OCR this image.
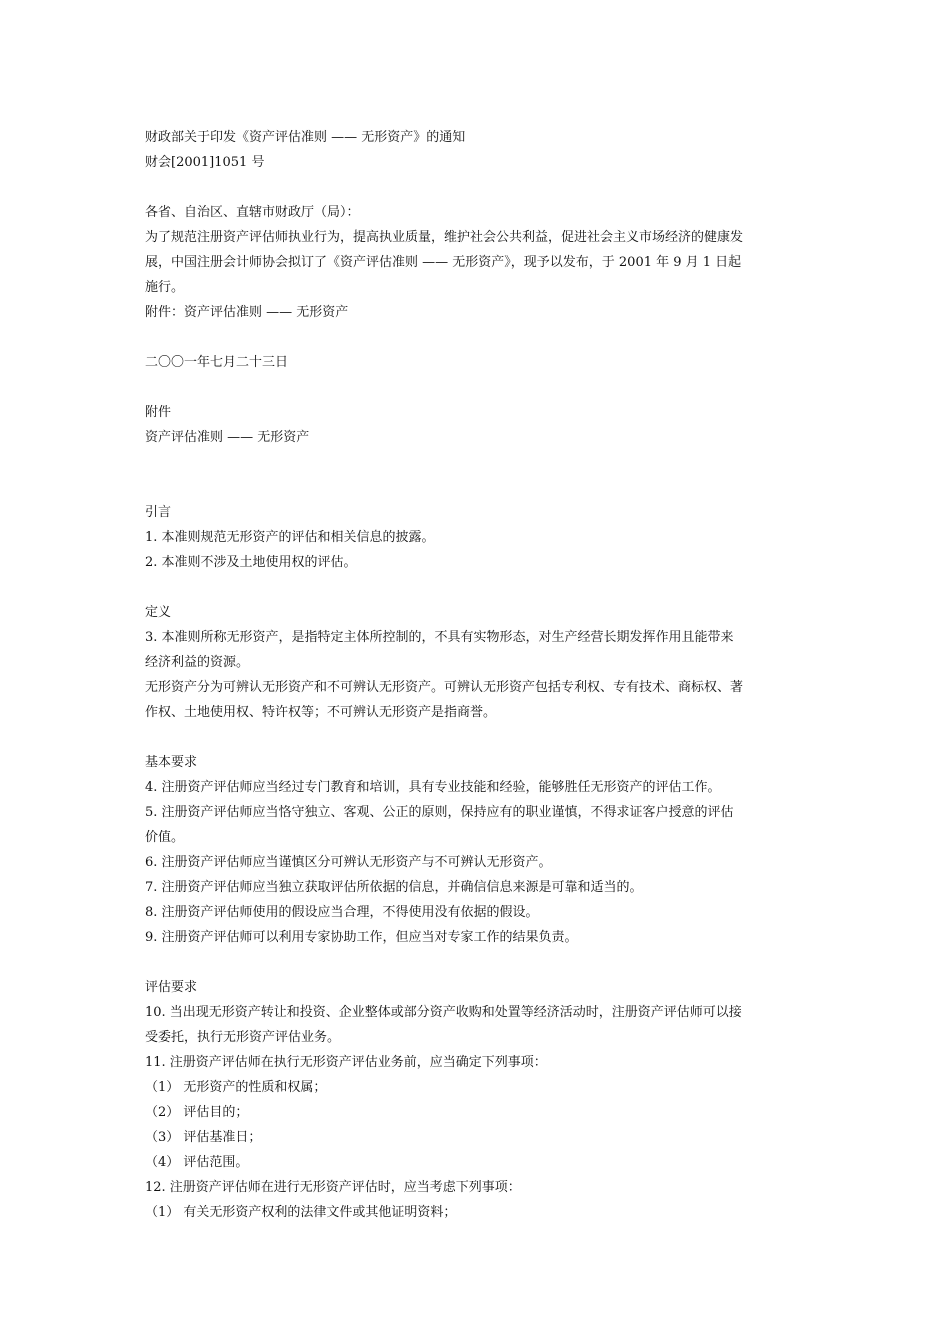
财政部关于印发《资产评估准则 —— 无形资产》的通知
财会[2001]1051 号
各省、自治区、直辖市财政厅（局）：
为了规范注册资产评估师执业行为，提高执业质量，维护社会公共利益，促进社会主义市场经济的健康发
展，中国注册会计师协会拟订了《资产评估准则 —— 无形资产》，现予以发布，于 2001 年 9 月 1 日起
施行。
附件：资产评估准则 —— 无形资产
二〇〇一年七月二十三日
附件
资产评估准则 —— 无形资产
引言
1. 本准则规范无形资产的评估和相关信息的披露。
2. 本准则不涉及土地使用权的评估。
定义
3. 本准则所称无形资产，是指特定主体所控制的，不具有实物形态，对生产经营长期发挥作用且能带来
经济利益的资源。
无形资产分为可辨认无形资产和不可辨认无形资产。可辨认无形资产包括专利权、专有技术、商标权、著
作权、土地使用权、特许权等；不可辨认无形资产是指商誉。
基本要求
4. 注册资产评估师应当经过专门教育和培训，具有专业技能和经验，能够胜任无形资产的评估工作。
5. 注册资产评估师应当恪守独立、客观、公正的原则，保持应有的职业谨慎，不得求证客户授意的评估
价值。
6. 注册资产评估师应当谨慎区分可辨认无形资产与不可辨认无形资产。
7. 注册资产评估师应当独立获取评估所依据的信息，并确信信息来源是可靠和适当的。
8. 注册资产评估师使用的假设应当合理，不得使用没有依据的假设。
9. 注册资产评估师可以利用专家协助工作，但应当对专家工作的结果负责。
评估要求
10. 当出现无形资产转让和投资、企业整体或部分资产收购和处置等经济活动时，注册资产评估师可以接
受委托，执行无形资产评估业务。
11. 注册资产评估师在执行无形资产评估业务前，应当确定下列事项：
（1） 无形资产的性质和权属；
（2） 评估目的；
（3） 评估基准日；
（4） 评估范围。
12. 注册资产评估师在进行无形资产评估时，应当考虑下列事项：
（1） 有关无形资产权利的法律文件或其他证明资料；
